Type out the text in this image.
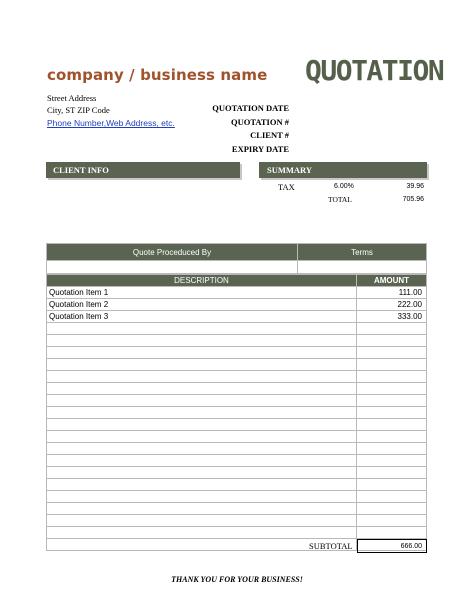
company / business name QUOTATION
Street Address
City, ST ZIP Code
Phone Number,Web Address, etc.
QUOTATION DATE
QUOTATION #
CLIENT #
EXPIRY DATE
CLIENT INFO	SUMMARY
TAX	6.00%	39.96
TOTAL	705.96
Quote Proceduced By	Terms

DESCRIPTION	AMOUNT
Quotation Item 1	111.00
Quotation Item 2	222.00
Quotation Item 3	333.00

SUBTOTAL	666.00
THANK YOU FOR YOUR BUSINESS!
